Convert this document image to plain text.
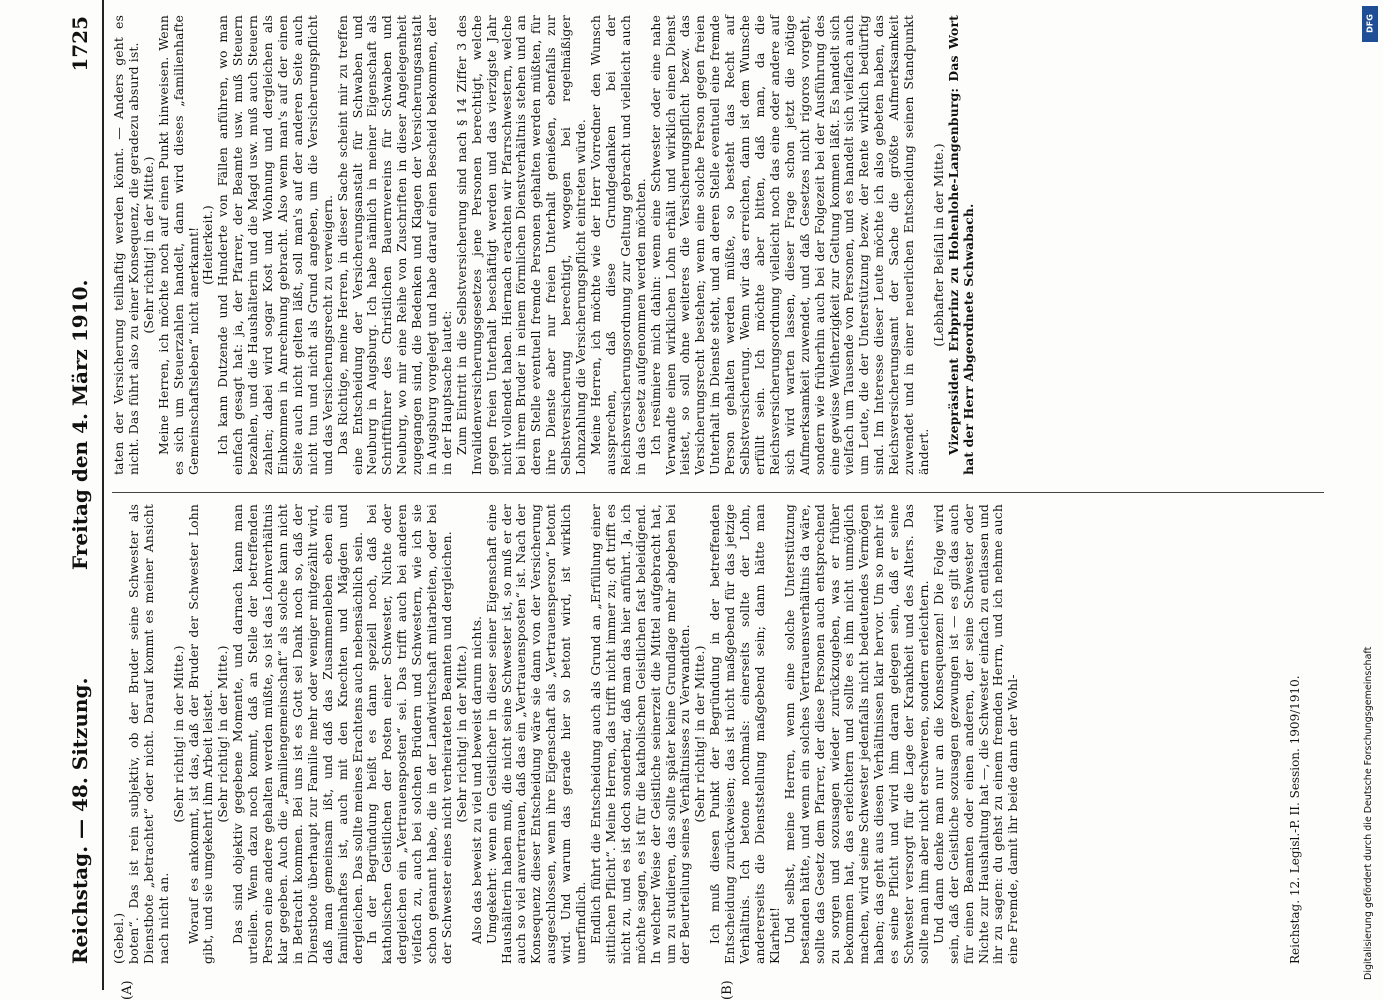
Reichstag. — 48. Sitzung.
Freitag den 4. März 1910.
1725
(A)	(B)

(Gebel.) boten“. Das ist rein subjektiv, ob der Bruder seine Schwester als Dienstbote „betrachtet“ oder nicht. Darauf kommt es meiner Ansicht nach nicht an.

(Sehr richtig! in der Mitte.) Worauf es ankommt, ist das, daß der Bruder der Schwester Lohn gibt, und sie umgekehrt ihm Arbeit leistet. (Sehr richtig! in der Mitte.) Das sind objektiv gegebene Momente, und darnach kann man urteilen. Wenn dazu noch kommt, daß an Stelle der betreffenden Person eine andere gehalten werden müßte, so ist das Lohnverhältnis klar gegeben. Auch die „Familiengemeinschaft“ als solche kann nicht in Betracht kommen. Bei uns ist es Gott sei Dank noch so, daß der Dienstbote überhaupt zur Familie mehr oder weniger mitgezählt wird, daß man gemeinsam ißt, und daß das Zusammenleben eben ein familienhaftes ist, auch mit den Knechten und Mägden und dergleichen. Das sollte meines Erachtens auch nebensächlich sein. In der Begründung heißt es dann speziell noch, daß bei katholischen Geistlichen der Posten einer Schwester, Nichte oder dergleichen ein „Vertrauensposten“ sei. Das trifft auch bei anderen vielfach zu, auch bei solchen Brüdern und Schwestern, wie ich sie schon genannt habe, die in der Landwirtschaft mitarbeiten, oder bei der Schwester eines nicht verheirateten Beamten und dergleichen. (Sehr richtig! in der Mitte.) Also das beweist zu viel und beweist darum nichts. Umgekehrt: wenn ein Geistlicher in dieser seiner Eigenschaft eine Haushälterin haben muß, die nicht seine Schwester ist, so muß er der auch so viel anvertrauen, daß das ein „Vertrauensposten“ ist. Nach der Konsequenz dieser Entscheidung wäre sie dann von der Versicherung ausgeschlossen, wenn ihre Eigenschaft als „Vertrauensperson“ betont wird. Und warum das gerade hier so betont wird, ist wirklich unerfindlich. Endlich führt die Entscheidung auch als Grund an „Erfüllung einer sittlichen Pflicht“. Meine Herren, das trifft nicht immer zu; oft trifft es nicht zu, und es ist doch sonderbar, daß man das hier anführt. Ja, ich möchte sagen, es ist für die katholischen Geistlichen fast beleidigend. In welcher Weise der Geistliche seinerzeit die Mittel aufgebracht hat, um zu studieren, das sollte später keine Grundlage mehr abgeben bei der Beurteilung seines Verhältnisses zu Verwandten. (Sehr richtig! in der Mitte.) Ich muß diesen Punkt der Begründung in der betreffenden Entscheidung zurückweisen; das ist nicht maßgebend für das jetzige Verhältnis. Ich betone nochmals: einerseits sollte der Lohn, andererseits die Dienststellung maßgebend sein; dann hätte man Klarheit! Und selbst, meine Herren, wenn eine solche Unterstützung bestanden hätte, und wenn ein solches Vertrauensverhältnis da wäre, sollte das Gesetz dem Pfarrer, der diese Personen auch entsprechend zu sorgen und sozusagen wieder zurückzugeben, was er früher bekommen hat, das erleichtern und sollte es ihm nicht unmöglich machen, wird seine Schwester jedenfalls nicht bedeutendes Vermögen haben; das geht aus diesen Verhältnissen klar hervor. Um so mehr ist es seine Pflicht und wird ihm daran gelegen sein, daß er seine Schwester versorgt für die Lage der Krankheit und des Alters. Das sollte man ihm aber nicht erschweren, sondern erleichtern. Und dann denke man nur an die Konsequenzen! Die Folge wird sein, daß der Geistliche sozusagen gezwungen ist — es gilt das auch für einen Beamten oder einen anderen, der seine Schwester oder Nichte zur Haushaltung hat —, die Schwester einfach zu entlassen und ihr zu sagen: du gehst zu einem fremden Herrn, und ich nehme auch eine Fremde, damit ihr beide dann der Wohl-

taten der Versicherung teilhaftig werden könnt. — Anders geht es nicht. Das führt also zu einer Konsequenz, die geradezu absurd ist. (Sehr richtig! in der Mitte.) Meine Herren, ich möchte noch auf einen Punkt hinweisen. Wenn es sich um Steuerzahlen handelt, dann wird dieses „familienhafte Gemeinschaftsleben“ nicht anerkannt! (Heiterkeit.) Ich kann Dutzende und Hunderte von Fällen anführen, wo man einfach gesagt hat: ja, der Pfarrer, der Beamte usw. muß Steuern bezahlen, und die Haushälterin und die Magd usw. muß auch Steuern zahlen; dabei wird sogar Kost und Wohnung und dergleichen als Einkommen in Anrechnung gebracht. Also wenn man's auf der einen Seite auch nicht gelten läßt, soll man's auf der anderen Seite auch nicht tun und nicht als Grund angeben, um die Versicherungspflicht und das Versicherungsrecht zu verweigern. Das Richtige, meine Herren, in dieser Sache scheint mir zu treffen eine Entscheidung der Versicherungsanstalt für Schwaben und Neuburg in Augsburg. Ich habe nämlich in meiner Eigenschaft als Schriftführer des Christlichen Bauernvereins für Schwaben und Neuburg, wo mir eine Reihe von Zuschriften in dieser Angelegenheit zugegangen sind, die Bedenken und Klagen der Versicherungsanstalt in Augsburg vorgelegt und habe darauf einen Bescheid bekommen, der in der Hauptsache lautet: Zum Eintritt in die Selbstversicherung sind nach § 14 Ziffer 3 des Invalidenversicherungsgesetzes jene Personen berechtigt, welche gegen freien Unterhalt beschäftigt werden und das vierzigste Jahr nicht vollendet haben. Hiernach erachten wir Pfarrschwestern, welche bei ihrem Bruder in einem förmlichen Dienstverhältnis stehen und an deren Stelle eventuell fremde Personen gehalten werden müßten, für ihre Dienste aber nur freien Unterhalt genießen, ebenfalls zur Selbstversicherung berechtigt, wogegen bei regelmäßiger Lohnzahlung die Versicherungspflicht eintreten würde. Meine Herren, ich möchte wie der Herr Vorredner den Wunsch aussprechen, daß diese Grundgedanken bei der Reichsversicherungsordnung zur Geltung gebracht und vielleicht auch in das Gesetz aufgenommen werden möchten. Ich resümiere mich dahin: wenn eine Schwester oder eine nahe Verwandte einen wirklichen Lohn erhält und wirklich einen Dienst leistet, so soll ohne weiteres die Versicherungspflicht bezw. das Versicherungsrecht bestehen; wenn eine solche Person gegen freien Unterhalt im Dienste steht, und an deren Stelle eventuell eine fremde Person gehalten werden müßte, so besteht das Recht auf Selbstversicherung. Wenn wir das erreichen, dann ist dem Wunsche erfüllt sein. Ich möchte aber bitten, daß man, da die Reichsversicherungsordnung vielleicht noch das eine oder andere auf sich wird warten lassen, dieser Frage schon jetzt die nötige Aufmerksamkeit zuwendet, und daß Gesetzes nicht rigoros vorgeht, sondern wie früherhin auch bei der Folgezeit bei der Ausführung des eine gewisse Weitherzigkeit zur Geltung kommen läßt. Es handelt sich vielfach um Tausende von Personen, und es handelt sich vielfach auch um Leute, die der Unterstützung bezw. der Rente wirklich bedürftig sind. Im Interesse dieser Leute möchte ich also gebeten haben, das Reichsversicherungsamt der Sache die größte Aufmerksamkeit zuwendet und in einer neuerlichen Entscheidung seinen Standpunkt ändert.

(Lebhafter Beifall in der Mitte.) Vizepräsident Erbprinz zu Hohenlohe-Langenburg: Das Wort hat der Herr Abgeordnete Schwabach.

Reichstag. 12. Legisl.-P. II. Session. 1909/1910.	Digitalisierung gefördert durch die Deutsche Forschungsgemeinschaft
DFG
